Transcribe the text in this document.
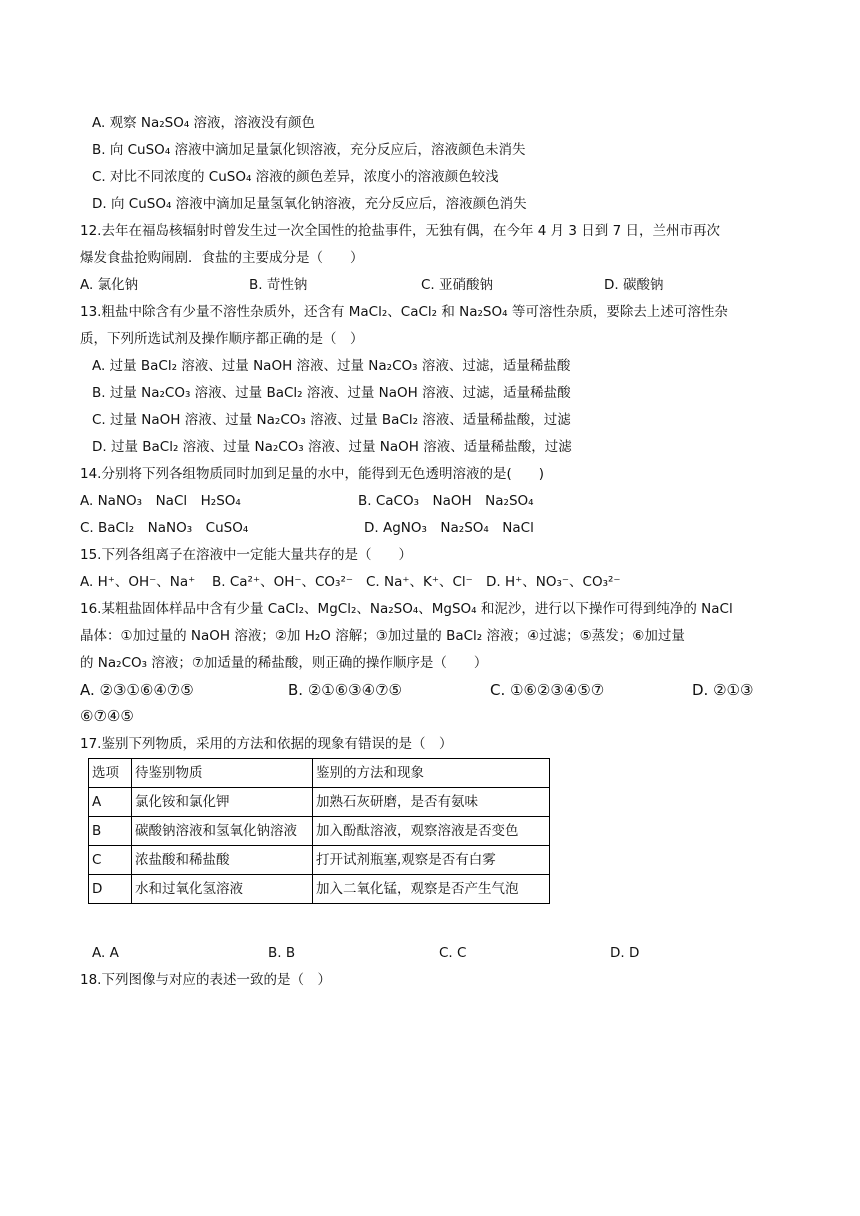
A. 观察 Na₂SO₄ 溶液，溶液没有颜色
B. 向 CuSO₄ 溶液中滴加足量氯化钡溶液，充分反应后，溶液颜色未消失
C. 对比不同浓度的 CuSO₄ 溶液的颜色差异，浓度小的溶液颜色较浅
D. 向 CuSO₄ 溶液中滴加足量氢氧化钠溶液，充分反应后，溶液颜色消失
12.去年在福岛核辐射时曾发生过一次全国性的抢盐事件，无独有偶，在今年 4 月 3 日到 7 日，兰州市再次
爆发食盐抢购闹剧．食盐的主要成分是（　　）
A. 氯化钠	B. 苛性钠	C. 亚硝酸钠	D. 碳酸钠
13.粗盐中除含有少量不溶性杂质外，还含有 MaCl₂、CaCl₂ 和 Na₂SO₄ 等可溶性杂质，要除去上述可溶性杂
质，下列所选试剂及操作顺序都正确的是（　）
A. 过量 BaCl₂ 溶液、过量 NaOH 溶液、过量 Na₂CO₃ 溶液、过滤，适量稀盐酸
B. 过量 Na₂CO₃ 溶液、过量 BaCl₂ 溶液、过量 NaOH 溶液、过滤，适量稀盐酸
C. 过量 NaOH 溶液、过量 Na₂CO₃ 溶液、过量 BaCl₂ 溶液、适量稀盐酸，过滤
D. 过量 BaCl₂ 溶液、过量 Na₂CO₃ 溶液、过量 NaOH 溶液、适量稀盐酸，过滤
14.分别将下列各组物质同时加到足量的水中，能得到无色透明溶液的是(　　)
A. NaNO₃　NaCl　H₂SO₄	B. CaCO₃　NaOH　Na₂SO₄
C. BaCl₂　NaNO₃　CuSO₄	D. AgNO₃　Na₂SO₄　NaCl
15.下列各组离子在溶液中一定能大量共存的是（　　）
A. H⁺、OH⁻、Na⁺ B. Ca²⁺、OH⁻、CO₃²⁻ C. Na⁺、K⁺、Cl⁻ D. H⁺、NO₃⁻、CO₃²⁻
16.某粗盐固体样品中含有少量 CaCl₂、MgCl₂、Na₂SO₄、MgSO₄ 和泥沙，进行以下操作可得到纯净的 NaCl
晶体：①加过量的 NaOH 溶液；②加 H₂O 溶解；③加过量的 BaCl₂ 溶液；④过滤；⑤蒸发；⑥加过量
的 Na₂CO₃ 溶液；⑦加适量的稀盐酸，则正确的操作顺序是（　　）
A. ②③①⑥④⑦⑤	B. ②①⑥③④⑦⑤	C. ①⑥②③④⑤⑦	D. ②①③
⑥⑦④⑤
17.鉴别下列物质，采用的方法和依据的现象有错误的是（　）
选项	待鉴别物质	鉴别的方法和现象
A	氯化铵和氯化钾	加熟石灰研磨，是否有氨味
B	碳酸钠溶液和氢氧化钠溶液	加入酚酞溶液，观察溶液是否变色
C	浓盐酸和稀盐酸	打开试剂瓶塞,观察是否有白雾
D	水和过氧化氢溶液	加入二氧化锰，观察是否产生气泡
A. A	B. B	C. C	D. D
18.下列图像与对应的表述一致的是（　）
